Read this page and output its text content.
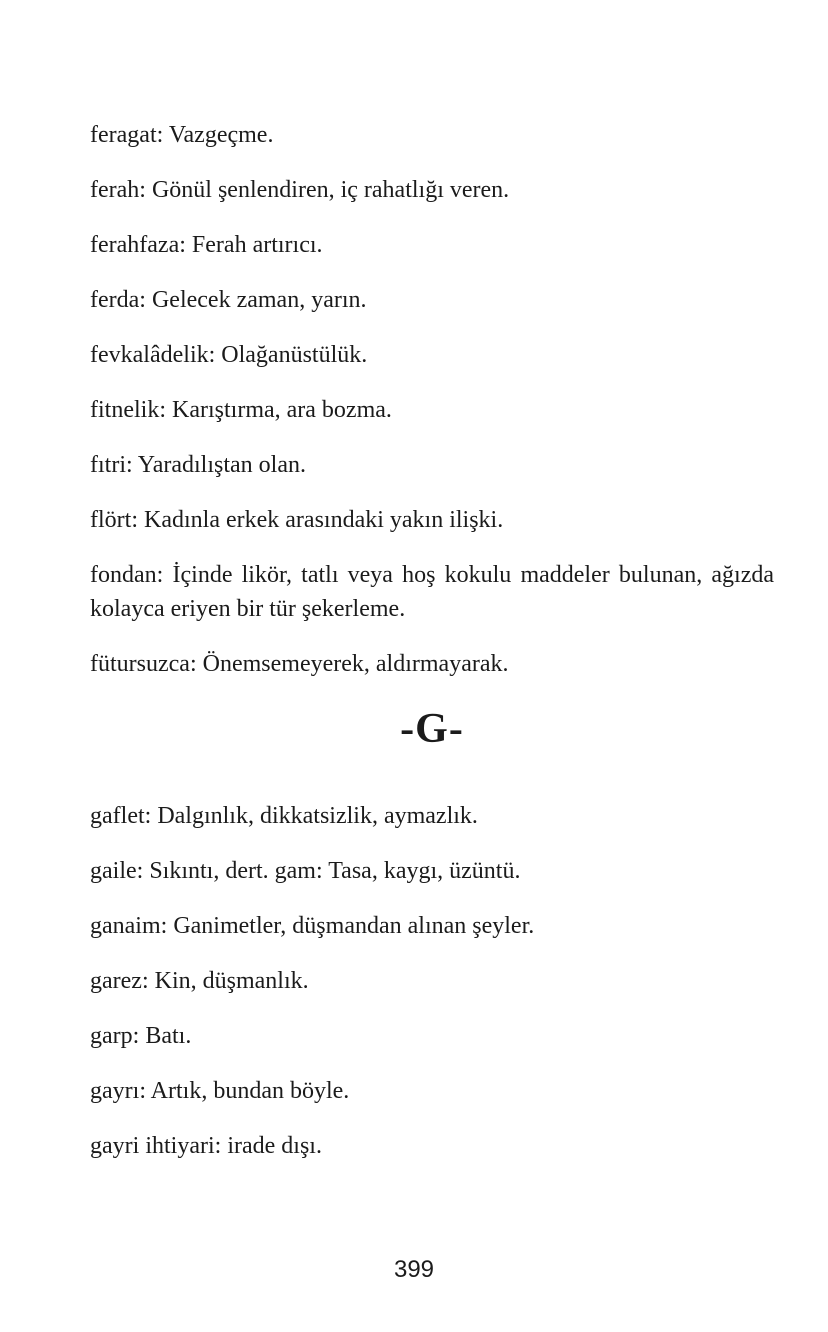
feragat: Vazgeçme.

ferah: Gönül şenlendiren, iç rahatlığı veren.

ferahfaza: Ferah artırıcı.

ferda: Gelecek zaman, yarın.

fevkalâdelik: Olağanüstülük.

fitnelik: Karıştırma, ara bozma.

fıtri: Yaradılıştan olan.

flört: Kadınla erkek arasındaki yakın ilişki.

fondan: İçinde likör, tatlı veya hoş kokulu maddeler bulunan, ağızda kolayca eriyen bir tür şekerleme.

fütursuzca: Önemsemeyerek, aldırmayarak.

-G-

gaflet: Dalgınlık, dikkatsizlik, aymazlık.

gaile: Sıkıntı, dert. gam: Tasa, kaygı, üzüntü.

ganaim: Ganimetler, düşmandan alınan şeyler.

garez: Kin, düşmanlık.

garp: Batı.

gayrı: Artık, bundan böyle.

gayri ihtiyari: irade dışı.

399
